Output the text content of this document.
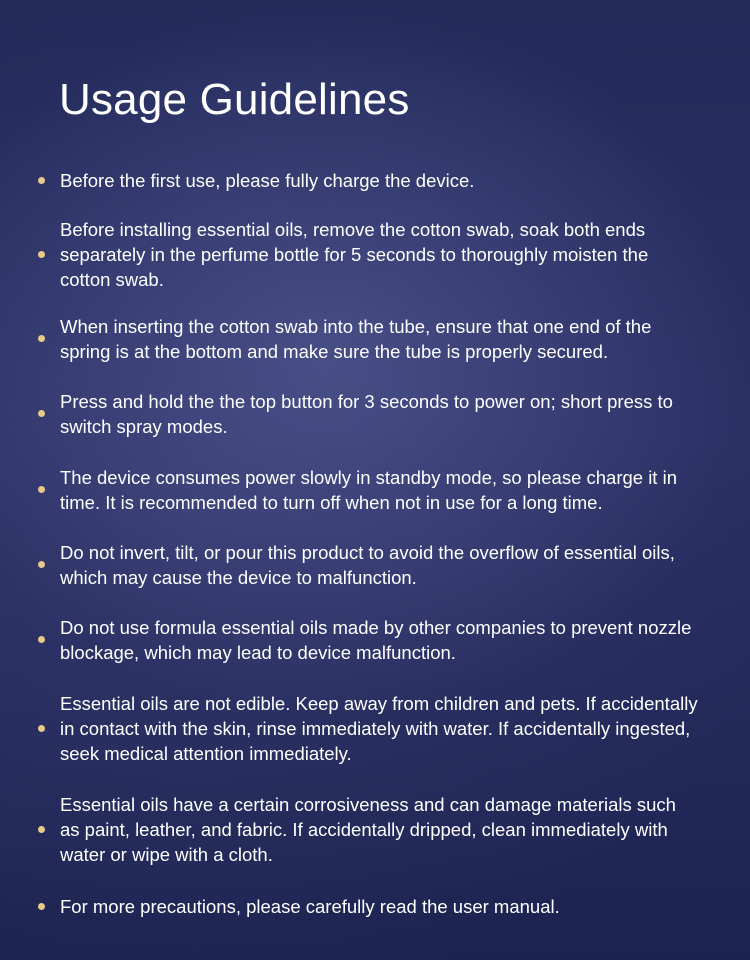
Usage Guidelines
Before the first use, please fully charge the device.
Before installing essential oils, remove the cotton swab, soak both ends separately in the perfume bottle for 5 seconds to thoroughly moisten the cotton swab.
When inserting the cotton swab into the tube, ensure that one end of the spring is at the bottom and make sure the tube is properly secured.
Press and hold the the top button for 3 seconds to power on; short press to switch spray modes.
The device consumes power slowly in standby mode, so please charge it in time. It is recommended to turn off when not in use for a long time.
Do not invert, tilt, or pour this product to avoid the overflow of essential oils, which may cause the device to malfunction.
Do not use formula essential oils made by other companies to prevent nozzle blockage, which may lead to device malfunction.
Essential oils are not edible. Keep away from children and pets. If accidentally in contact with the skin, rinse immediately with water. If accidentally ingested, seek medical attention immediately.
Essential oils have a certain corrosiveness and can damage materials such as paint, leather, and fabric. If accidentally dripped, clean immediately with water or wipe with a cloth.
For more precautions, please carefully read the user manual.
